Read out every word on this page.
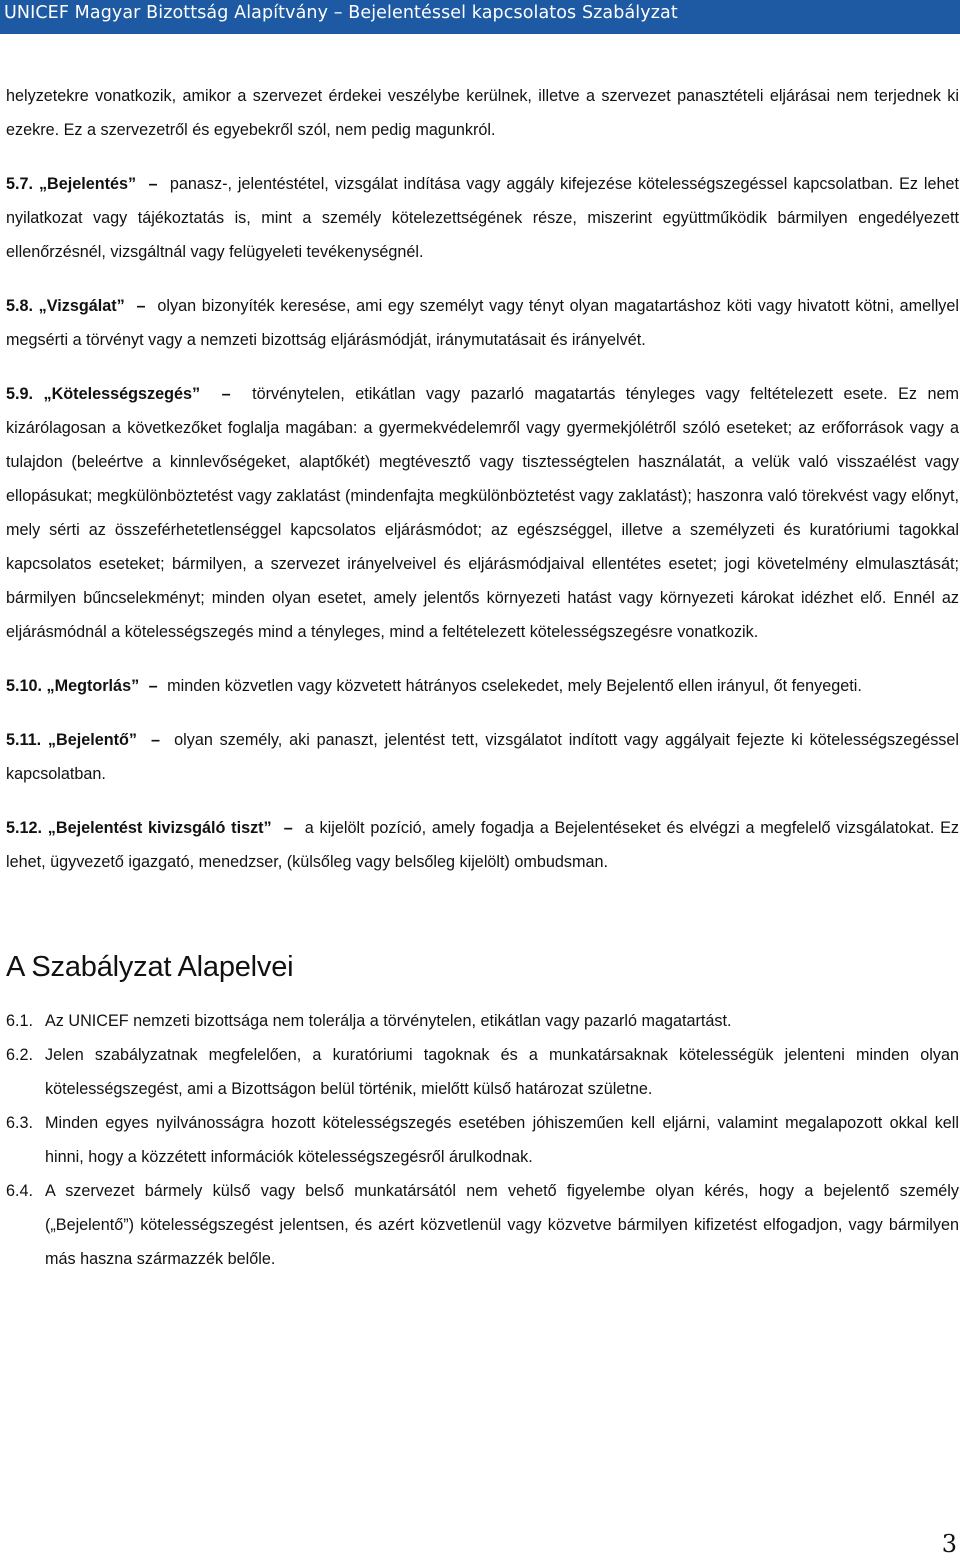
UNICEF Magyar Bizottság Alapítvány – Bejelentéssel kapcsolatos Szabályzat

helyzetekre vonatkozik, amikor a szervezet érdekei veszélybe kerülnek, illetve a szervezet panasztételi eljárásai nem terjednek ki ezekre. Ez a szervezetről és egyebekről szól, nem pedig magunkról.

5.7. „Bejelentés” – panasz-, jelentéstétel, vizsgálat indítása vagy aggály kifejezése kötelességszegéssel kapcsolatban. Ez lehet nyilatkozat vagy tájékoztatás is, mint a személy kötelezettségének része, miszerint együttműködik bármilyen engedélyezett ellenőrzésnél, vizsgáltnál vagy felügyeleti tevékenységnél.

5.8. „Vizsgálat” – olyan bizonyíték keresése, ami egy személyt vagy tényt olyan magatartáshoz köti vagy hivatott kötni, amellyel megsérti a törvényt vagy a nemzeti bizottság eljárásmódját, iránymutatásait és irányelvét.

5.9. „Kötelességszegés” – törvénytelen, etikátlan vagy pazarló magatartás tényleges vagy feltételezett esete. Ez nem kizárólagosan a következőket foglalja magában: a gyermekvédelemről vagy gyermekjólétről szóló eseteket; az erőforrások vagy a tulajdon (beleértve a kinnlevőségeket, alaptőkét) megtévesztő vagy tisztességtelen használatát, a velük való visszaélést vagy ellopásukat; megkülönböztetést vagy zaklatást (mindenfajta megkülönböztetést vagy zaklatást); haszonra való törekvést vagy előnyt, mely sérti az összeférhetetlenséggel kapcsolatos eljárásmódot; az egészséggel, illetve a személyzeti és kuratóriumi tagokkal kapcsolatos eseteket; bármilyen, a szervezet irányelveivel és eljárásmódjaival ellentétes esetet; jogi követelmény elmulasztását; bármilyen bűncselekményt; minden olyan esetet, amely jelentős környezeti hatást vagy környezeti károkat idézhet elő. Ennél az eljárásmódnál a kötelességszegés mind a tényleges, mind a feltételezett kötelességszegésre vonatkozik.

5.10. „Megtorlás” – minden közvetlen vagy közvetett hátrányos cselekedet, mely Bejelentő ellen irányul, őt fenyegeti.

5.11. „Bejelentő” – olyan személy, aki panaszt, jelentést tett, vizsgálatot indított vagy aggályait fejezte ki kötelességszegéssel kapcsolatban.

5.12. „Bejelentést kivizsgáló tiszt” – a kijelölt pozíció, amely fogadja a Bejelentéseket és elvégzi a megfelelő vizsgálatokat. Ez lehet, ügyvezető igazgató, menedzser, (külsőleg vagy belsőleg kijelölt) ombudsman.

A Szabályzat Alapelvei
6.1. Az UNICEF nemzeti bizottsága nem tolerálja a törvénytelen, etikátlan vagy pazarló magatartást.
6.2. Jelen szabályzatnak megfelelően, a kuratóriumi tagoknak és a munkatársaknak kötelességük jelenteni minden olyan kötelességszegést, ami a Bizottságon belül történik, mielőtt külső határozat születne.
6.3. Minden egyes nyilvánosságra hozott kötelességszegés esetében jóhiszeműen kell eljárni, valamint megalapozott okkal kell hinni, hogy a közzétett információk kötelességszegésről árulkodnak.
6.4. A szervezet bármely külső vagy belső munkatársától nem vehető figyelembe olyan kérés, hogy a bejelentő személy („Bejelentő”) kötelességszegést jelentsen, és azért közvetlenül vagy közvetve bármilyen kifizetést elfogadjon, vagy bármilyen más haszna származzék belőle.
3
